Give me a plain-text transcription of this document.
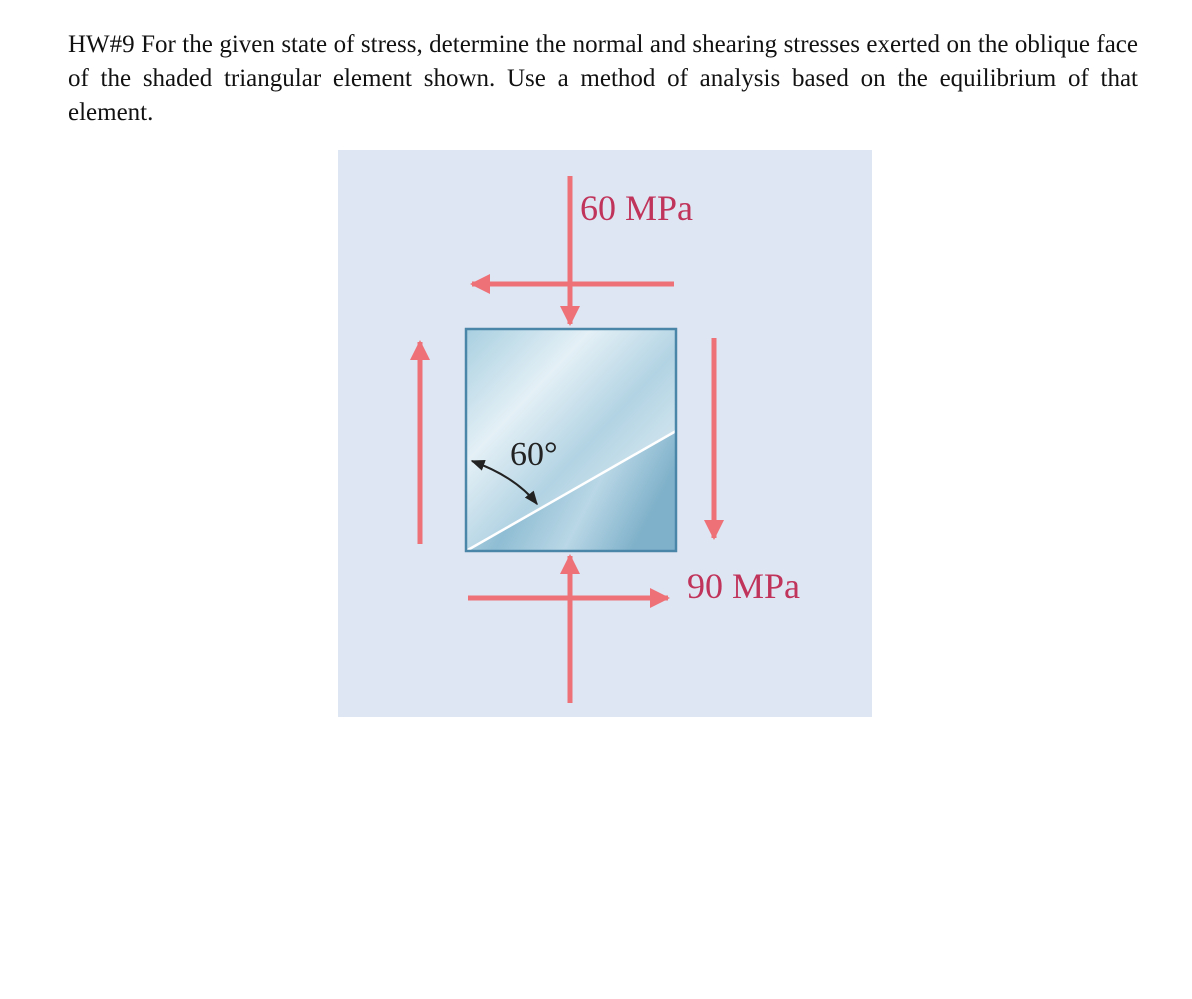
HW#9 For the given state of stress, determine the normal and shearing stresses exerted on the oblique face of the shaded triangular element shown. Use a method of analysis based on the equilibrium of that element.

60 MPa
90 MPa
60°
